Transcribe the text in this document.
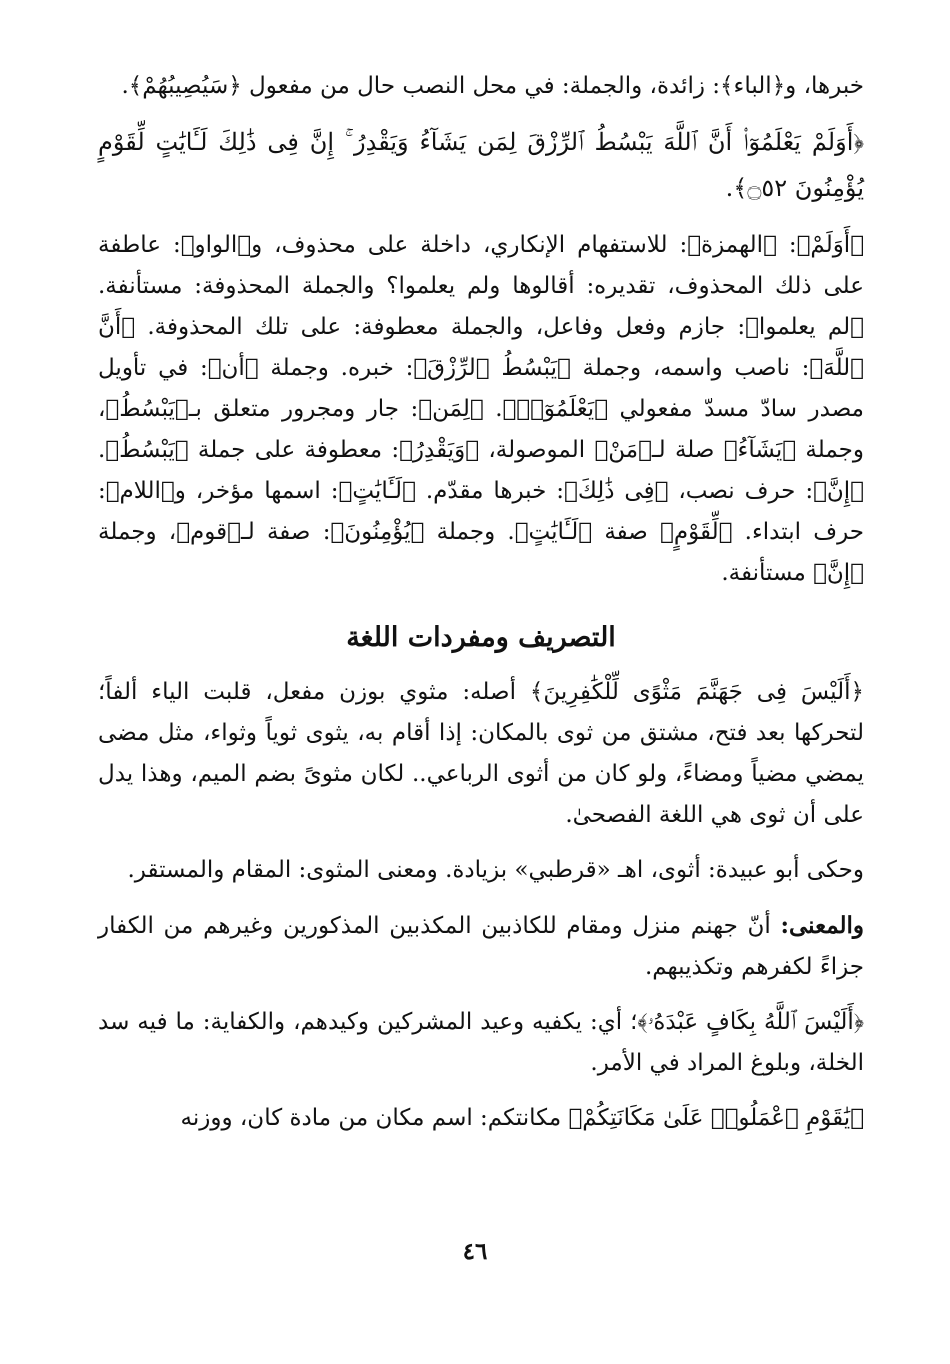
خبرها، و﴿الباء﴾: زائدة، والجملة: في محل النصب حال من مفعول ﴿سَيُصِيبُهُمْ﴾.

﴿أَوَلَمْ يَعْلَمُوٓا۟ أَنَّ ٱللَّهَ يَبْسُطُ ٱلرِّزْقَ لِمَن يَشَآءُ وَيَقْدِرُ ۚ إِنَّ فِى ذَٰلِكَ لَـَٔايَٰتٍ لِّقَوْمٍ يُؤْمِنُونَ ۝٥٢﴾.

﴿أَوَلَمْ﴾: ﴿الهمزة﴾: للاستفهام الإنكاري، داخلة على محذوف، و﴿الواو﴾: عاطفة على ذلك المحذوف، تقديره: أقالوها ولم يعلموا؟ والجملة المحذوفة: مستأنفة. ﴿لم يعلموا﴾: جازم وفعل وفاعل، والجملة معطوفة: على تلك المحذوفة. ﴿أَنَّ ٱللَّهَ﴾: ناصب واسمه، وجملة ﴿يَبْسُطُ ٱلرِّزْقَ﴾: خبره. وجملة ﴿أن﴾: في تأويل مصدر سادّ مسدّ مفعولي ﴿يَعْلَمُوٓا۟﴾. ﴿لِمَن﴾: جار ومجرور متعلق بـ﴿يَبْسُطُ﴾، وجملة ﴿يَشَآءُ﴾ صلة لـ﴿مَنْ﴾ الموصولة، ﴿وَيَقْدِرُ﴾: معطوفة على جملة ﴿يَبْسُطُ﴾. ﴿إِنَّ﴾: حرف نصب، ﴿فِى ذَٰلِكَ﴾: خبرها مقدّم. ﴿لَـَٔايَٰتٍ﴾: اسمها مؤخر، و﴿اللام﴾: حرف ابتداء. ﴿لِّقَوْمٍ﴾ صفة ﴿لَـَٔايَٰتٍ﴾. وجملة ﴿يُؤْمِنُونَ﴾: صفة لـ﴿قوم﴾، وجملة ﴿إِنَّ﴾ مستأنفة.

التصريف ومفردات اللغة

﴿أَلَيْسَ فِى جَهَنَّمَ مَثْوًى لِّلْكَٰفِرِينَ﴾ أصله: مثوي بوزن مفعل، قلبت الياء ألفاً؛ لتحركها بعد فتح، مشتق من ثوى بالمكان: إذا أقام به، يثوى ثوياً وثواء، مثل مضى يمضي مضياً ومضاءً، ولو كان من أثوى الرباعي.. لكان مثوىً بضم الميم، وهذا يدل على أن ثوى هي اللغة الفصحىٰ.

وحكى أبو عبيدة: أثوى، اهـ «قرطبي» بزيادة. ومعنى المثوى: المقام والمستقر.

والمعنى: أنّ جهنم منزل ومقام للكاذبين المكذبين المذكورين وغيرهم من الكفار جزاءً لكفرهم وتكذيبهم.

﴿أَلَيْسَ ٱللَّهُ بِكَافٍ عَبْدَهُۥ﴾؛ أي: يكفيه وعيد المشركين وكيدهم، والكفاية: ما فيه سد الخلة، وبلوغ المراد في الأمر.

﴿يَٰقَوْمِ ٱعْمَلُوا۟ عَلَىٰ مَكَانَتِكُمْ﴾ مكانتكم: اسم مكان من مادة كان، ووزنه

٤٦
